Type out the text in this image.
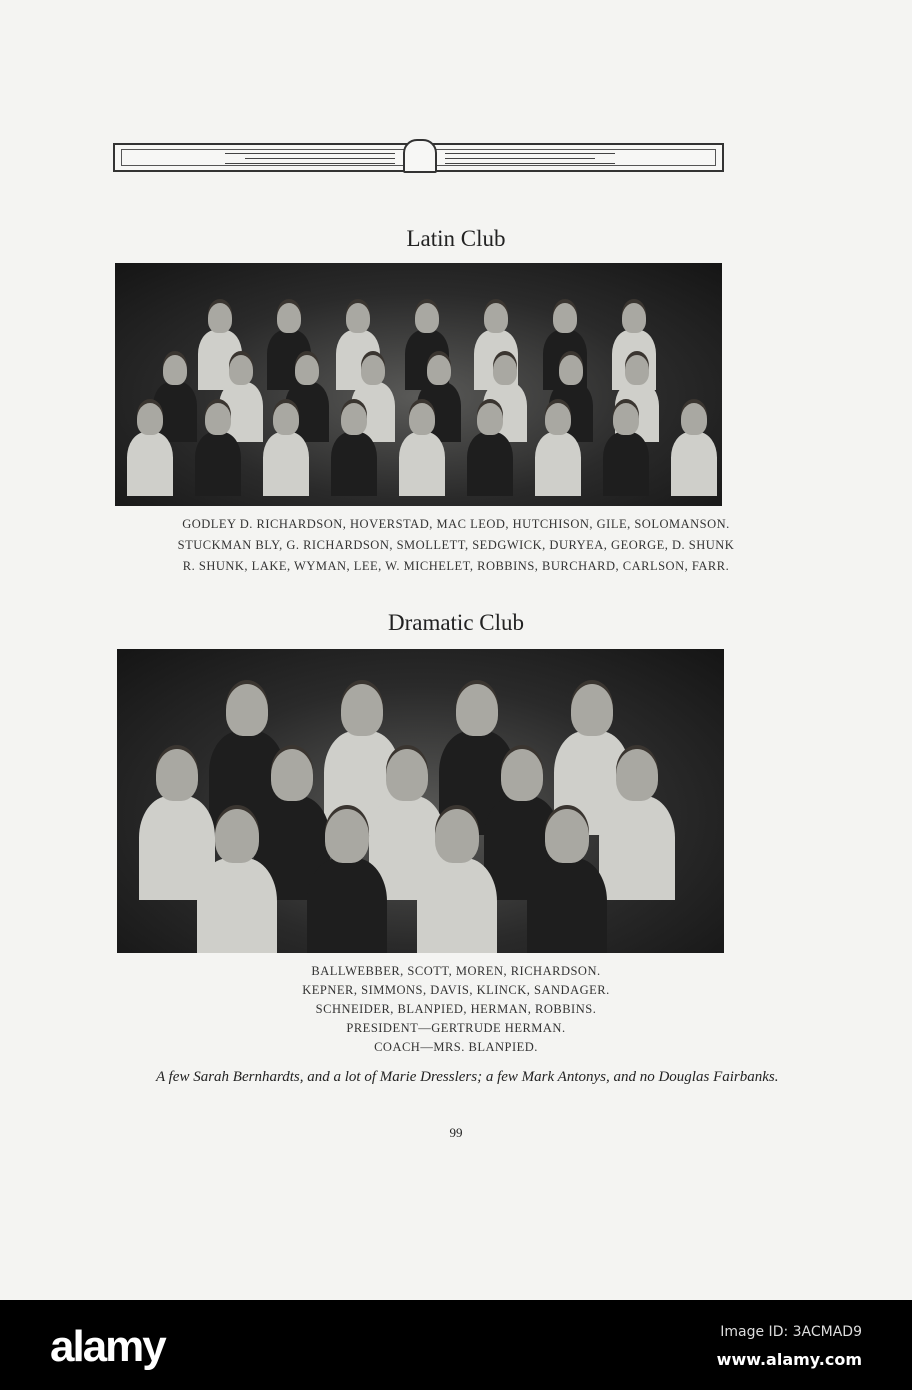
Latin Club
GODLEY D. RICHARDSON, HOVERSTAD, MAC LEOD, HUTCHISON, GILE, SOLOMANSON.
STUCKMAN BLY, G. RICHARDSON, SMOLLETT, SEDGWICK, DURYEA, GEORGE, D. SHUNK
R. SHUNK, LAKE, WYMAN, LEE, W. MICHELET, ROBBINS, BURCHARD, CARLSON, FARR.
Dramatic Club
BALLWEBBER, SCOTT, MOREN, RICHARDSON.
KEPNER, SIMMONS, DAVIS, KLINCK, SANDAGER.
SCHNEIDER, BLANPIED, HERMAN, ROBBINS.
PRESIDENT—GERTRUDE HERMAN.
COACH—MRS. BLANPIED.
A few Sarah Bernhardts, and a lot of Marie Dresslers; a few Mark Antonys, and no Douglas Fairbanks.
99
alamy	Image ID: 3ACMAD9
www.alamy.com
